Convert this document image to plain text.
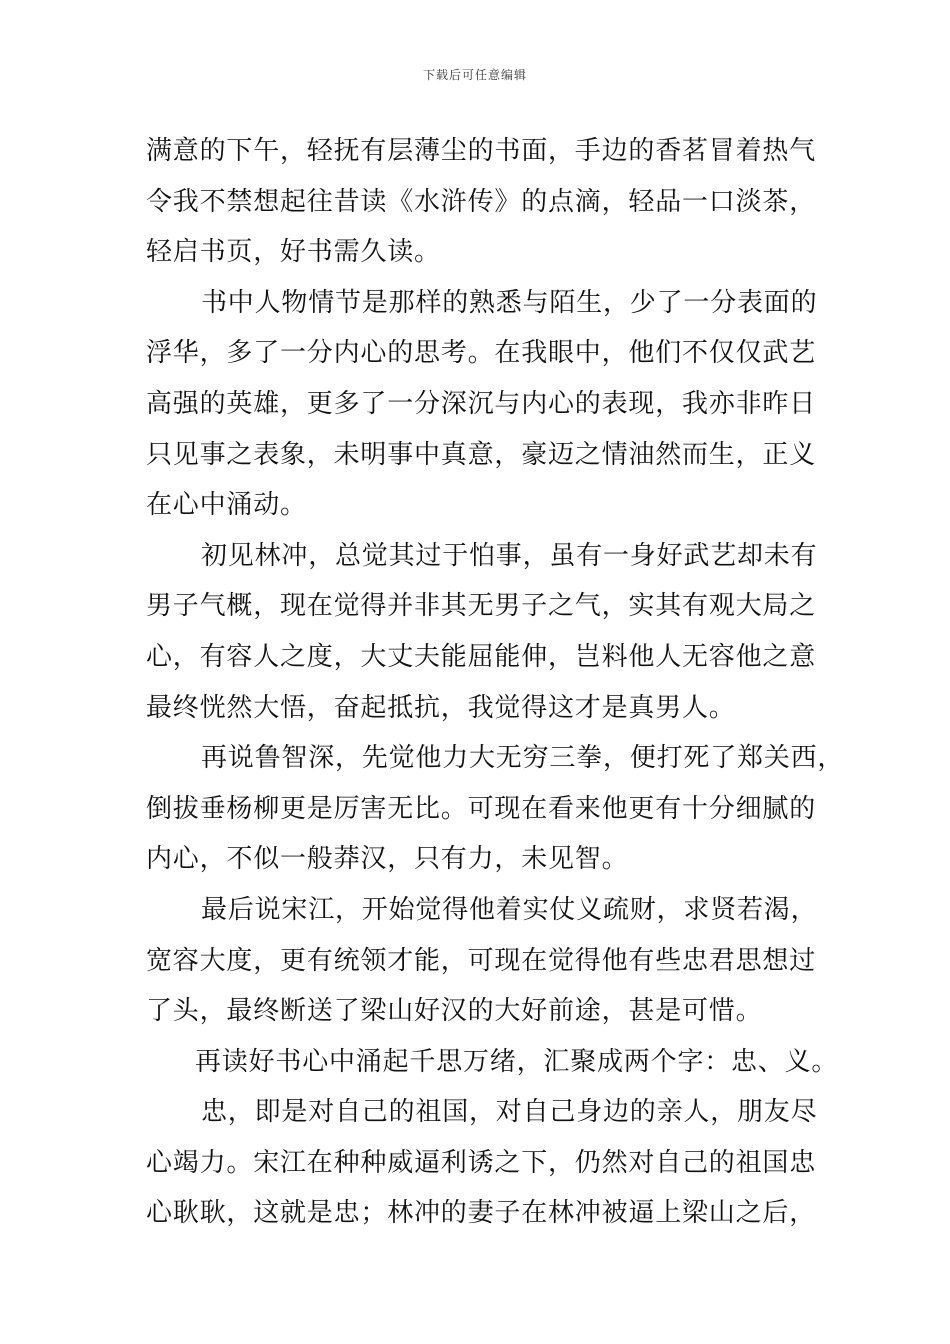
下载后可任意编辑
满意的下午，轻抚有层薄尘的书面，手边的香茗冒着热气
令我不禁想起往昔读《水浒传》的点滴，轻品一口淡茶，
轻启书页，好书需久读。
书中人物情节是那样的熟悉与陌生，少了一分表面的
浮华，多了一分内心的思考。在我眼中，他们不仅仅武艺
高强的英雄，更多了一分深沉与内心的表现，我亦非昨日
只见事之表象，未明事中真意，豪迈之情油然而生，正义
在心中涌动。
初见林冲，总觉其过于怕事，虽有一身好武艺却未有
男子气概，现在觉得并非其无男子之气，实其有观大局之
心，有容人之度，大丈夫能屈能伸，岂料他人无容他之意
最终恍然大悟，奋起抵抗，我觉得这才是真男人。
再说鲁智深，先觉他力大无穷三拳，便打死了郑关西，
倒拔垂杨柳更是厉害无比。可现在看来他更有十分细腻的
内心，不似一般莽汉，只有力，未见智。
最后说宋江，开始觉得他着实仗义疏财，求贤若渴，
宽容大度，更有统领才能，可现在觉得他有些忠君思想过
了头，最终断送了梁山好汉的大好前途，甚是可惜。
再读好书心中涌起千思万绪，汇聚成两个字：忠、义。
忠，即是对自己的祖国，对自己身边的亲人，朋友尽
心竭力。宋江在种种威逼利诱之下，仍然对自己的祖国忠
心耿耿，这就是忠；林冲的妻子在林冲被逼上梁山之后，
